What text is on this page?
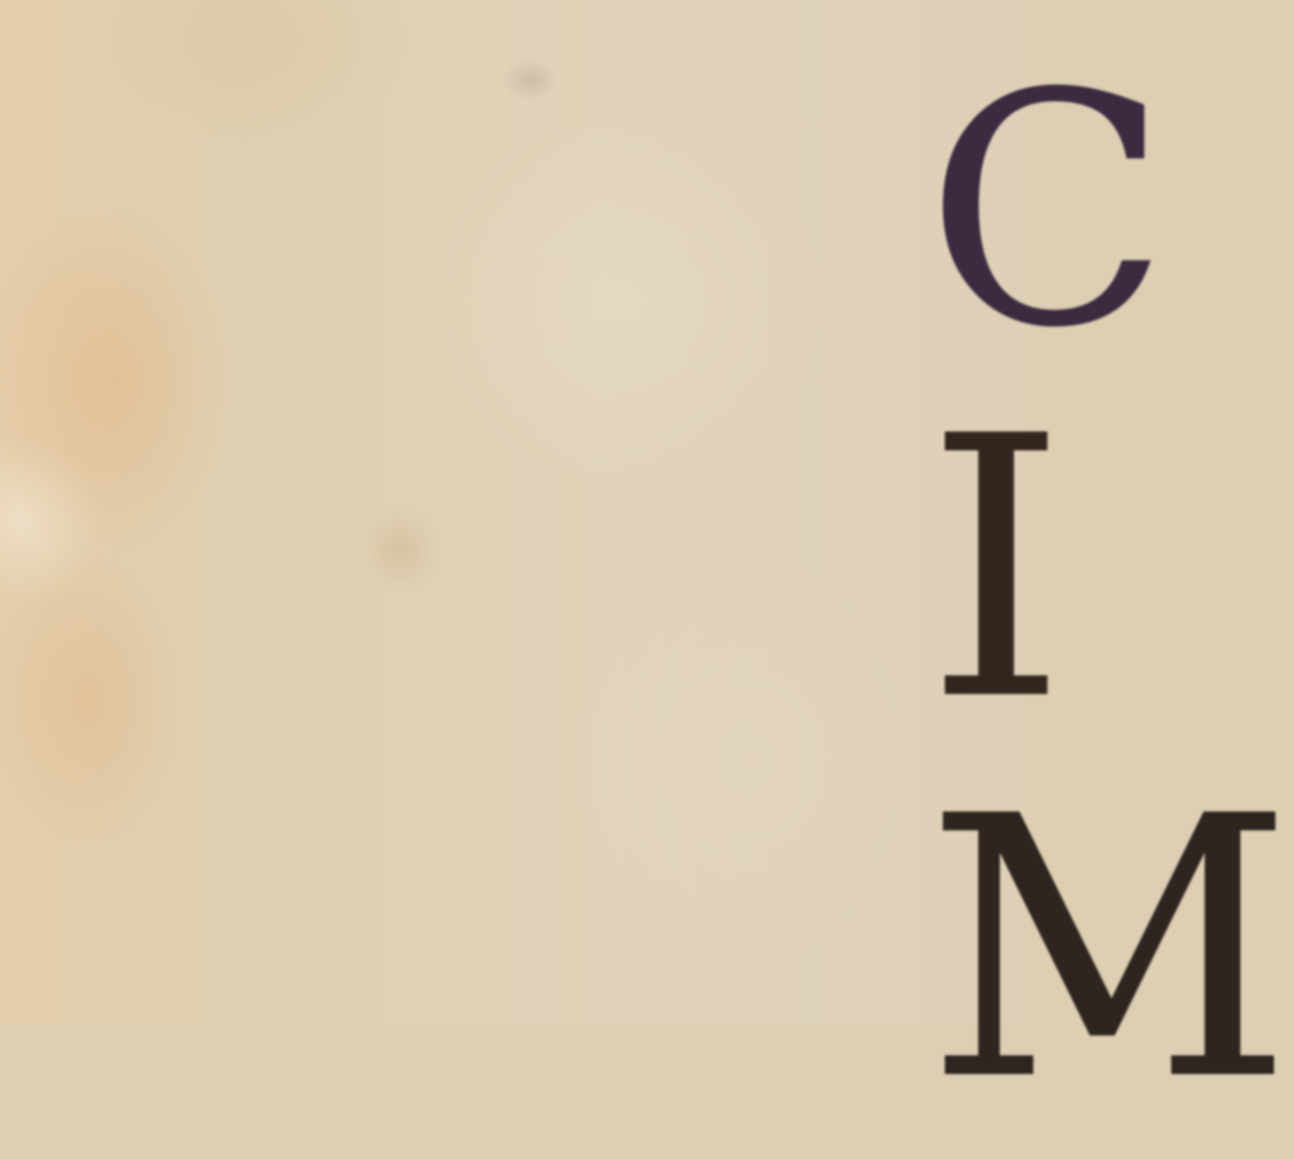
C
I
M
